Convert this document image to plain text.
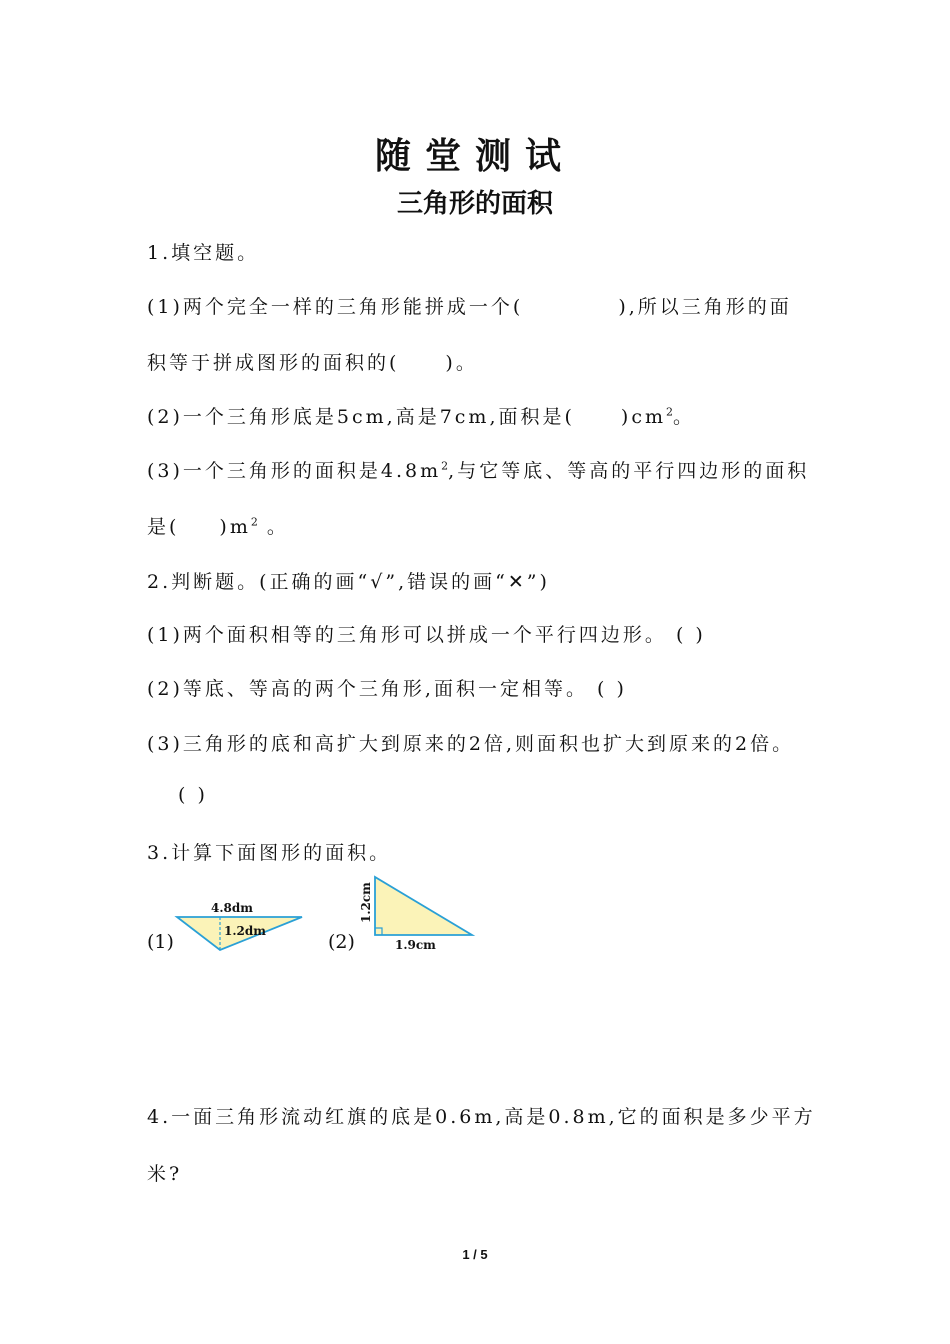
随堂测试
三角形的面积
1.填空题。
(1)两个完全一样的三角形能拼成一个(	),所以三角形的面
积等于拼成图形的面积的( )。
(2)一个三角形底是5cm,高是7cm,面积是( )$cm^2$。
(3)一个三角形的面积是$4.8m^2$,与它等底、等高的平行四边形的面积
是( )$m^2$ 。
2.判断题。(正确的画“√”,错误的画“✕”)
(1)两个面积相等的三角形可以拼成一个平行四边形。 ( )
(2)等底、等高的两个三角形,面积一定相等。 ( )
(3)三角形的底和高扩大到原来的2倍,则面积也扩大到原来的2倍。
( )
3.计算下面图形的面积。
(1)
4.8dm
1.2dm	(2)
1.2cm
1.9cm
4.一面三角形流动红旗的底是0.6m,高是0.8m,它的面积是多少平方
米?
1 / 5
